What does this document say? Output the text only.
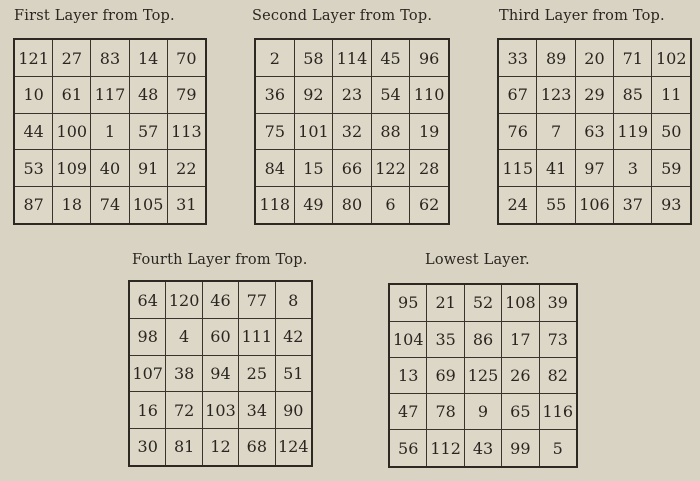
First Layer from Top.
121	27	83	14	70
10	61	117	48	79
44	100	1	57	113
53	109	40	91	22
87	18	74	105	31
Second Layer from Top.
2	58	114	45	96
36	92	23	54	110
75	101	32	88	19
84	15	66	122	28
118	49	80	6	62
Third Layer from Top.
33	89	20	71	102
67	123	29	85	11
76	7	63	119	50
115	41	97	3	59
24	55	106	37	93
Fourth Layer from Top.
64	120	46	77	8
98	4	60	111	42
107	38	94	25	51
16	72	103	34	90
30	81	12	68	124
Lowest Layer.
95	21	52	108	39
104	35	86	17	73
13	69	125	26	82
47	78	9	65	116
56	112	43	99	5
